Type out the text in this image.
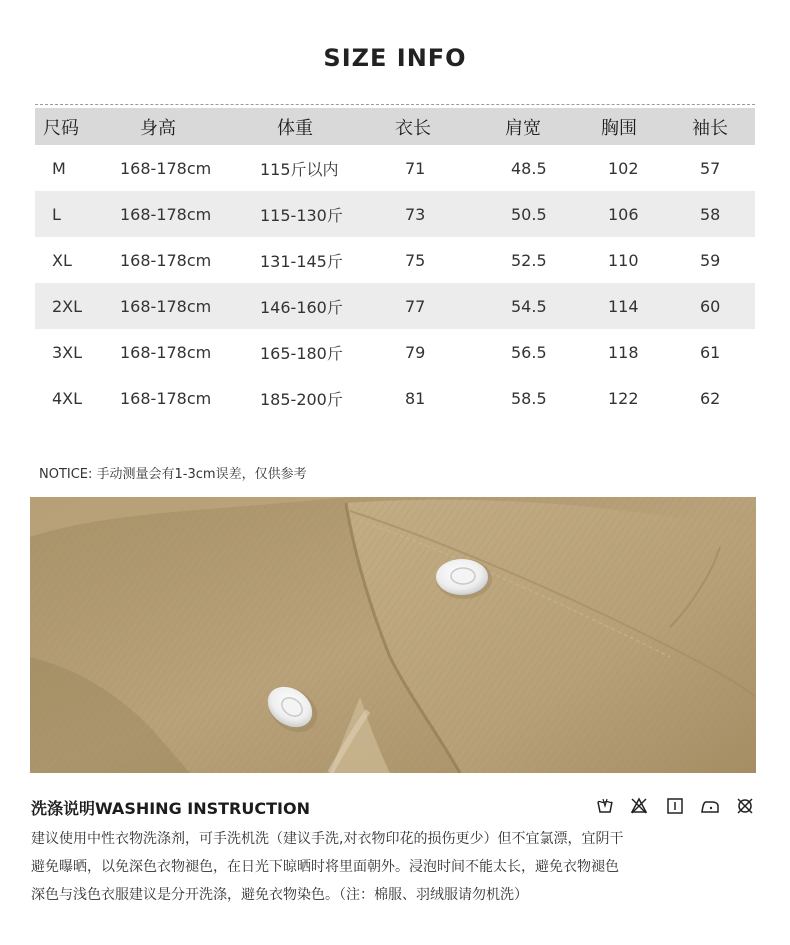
SIZE INFO
尺码	身高	体重	衣长	肩宽	胸围	袖长
M	168-178cm	115斤以内	71	48.5	102	57
L	168-178cm	115-130斤	73	50.5	106	58
XL	168-178cm	131-145斤	75	52.5	110	59
2XL 168-178cm	146-160斤	77	54.5	114	60
3XL 168-178cm	165-180斤	79	56.5	118	61
4XL 168-178cm	185-200斤	81	58.5	122	62
NOTICE: 手动测量会有1-3cm误差，仅供参考
洗涤说明WASHING INSTRUCTION
建议使用中性衣物洗涤剂，可手洗机洗（建议手洗,对衣物印花的损伤更少）但不宜氯漂，宜阴干
避免曝晒，以免深色衣物褪色，在日光下晾晒时将里面朝外。浸泡时间不能太长，避免衣物褪色
深色与浅色衣服建议是分开洗涤，避免衣物染色。（注：棉服、羽绒服请勿机洗）
